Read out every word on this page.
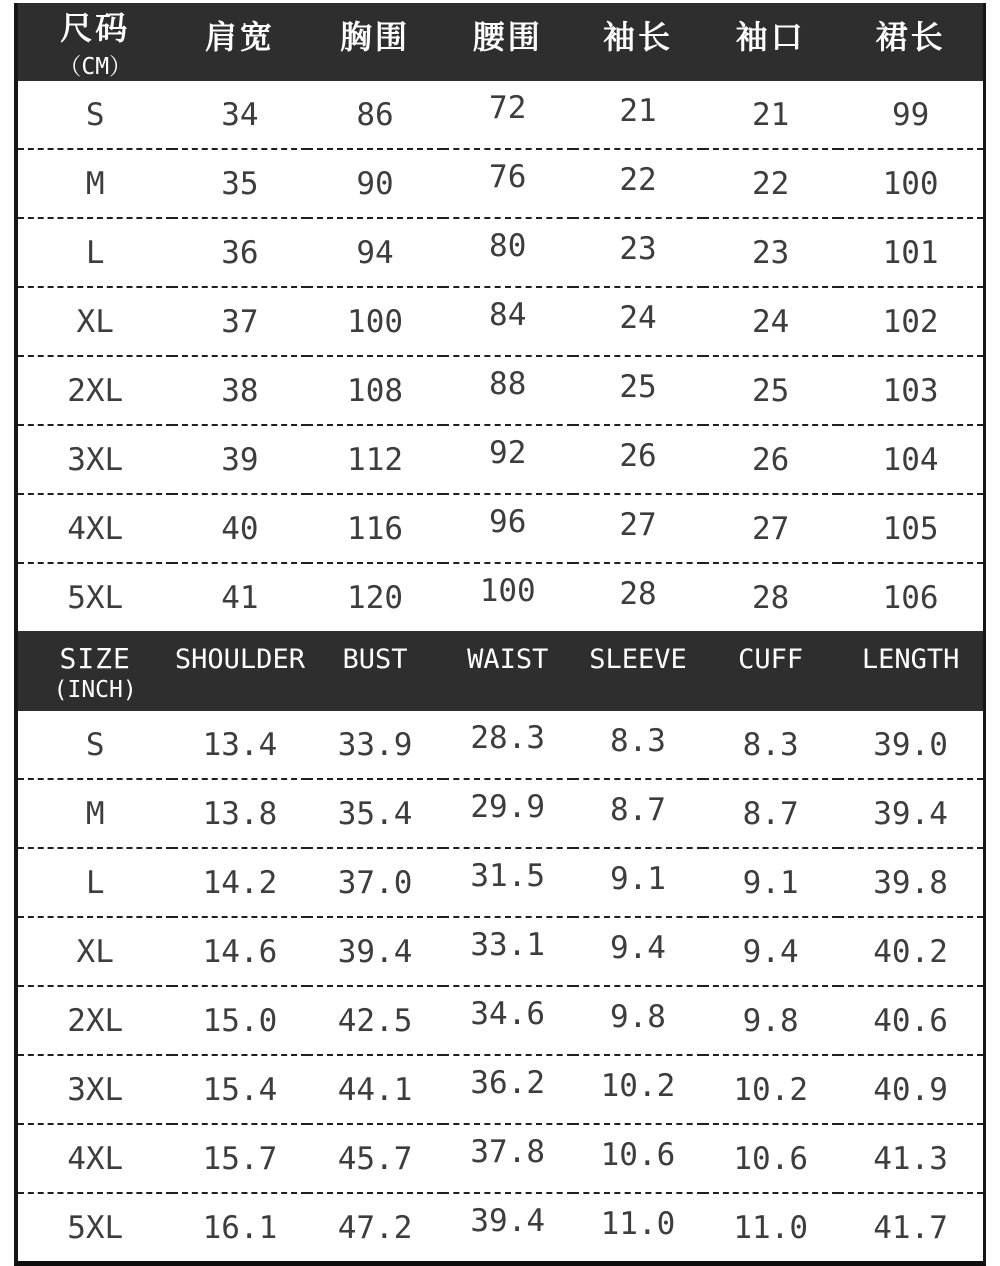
尺码
（CM）	肩宽	胸围	腰围	袖长	袖口	裙长
S	34	86	72	21	21	99
M	35	90	76	22	22	100
L	36	94	80	23	23	101
XL	37	100	84	24	24	102
2XL	38	108	88	25	25	103
3XL	39	112	92	26	26	104
4XL	40	116	96	27	27	105
5XL	41	120	100	28	28	106
SIZE
(INCH)	SHOULDER	BUST	WAIST	SLEEVE	CUFF	LENGTH
S	13.4	33.9	28.3	8.3	8.3	39.0
M	13.8	35.4	29.9	8.7	8.7	39.4
L	14.2	37.0	31.5	9.1	9.1	39.8
XL	14.6	39.4	33.1	9.4	9.4	40.2
2XL	15.0	42.5	34.6	9.8	9.8	40.6
3XL	15.4	44.1	36.2	10.2	10.2	40.9
4XL	15.7	45.7	37.8	10.6	10.6	41.3
5XL	16.1	47.2	39.4	11.0	11.0	41.7
